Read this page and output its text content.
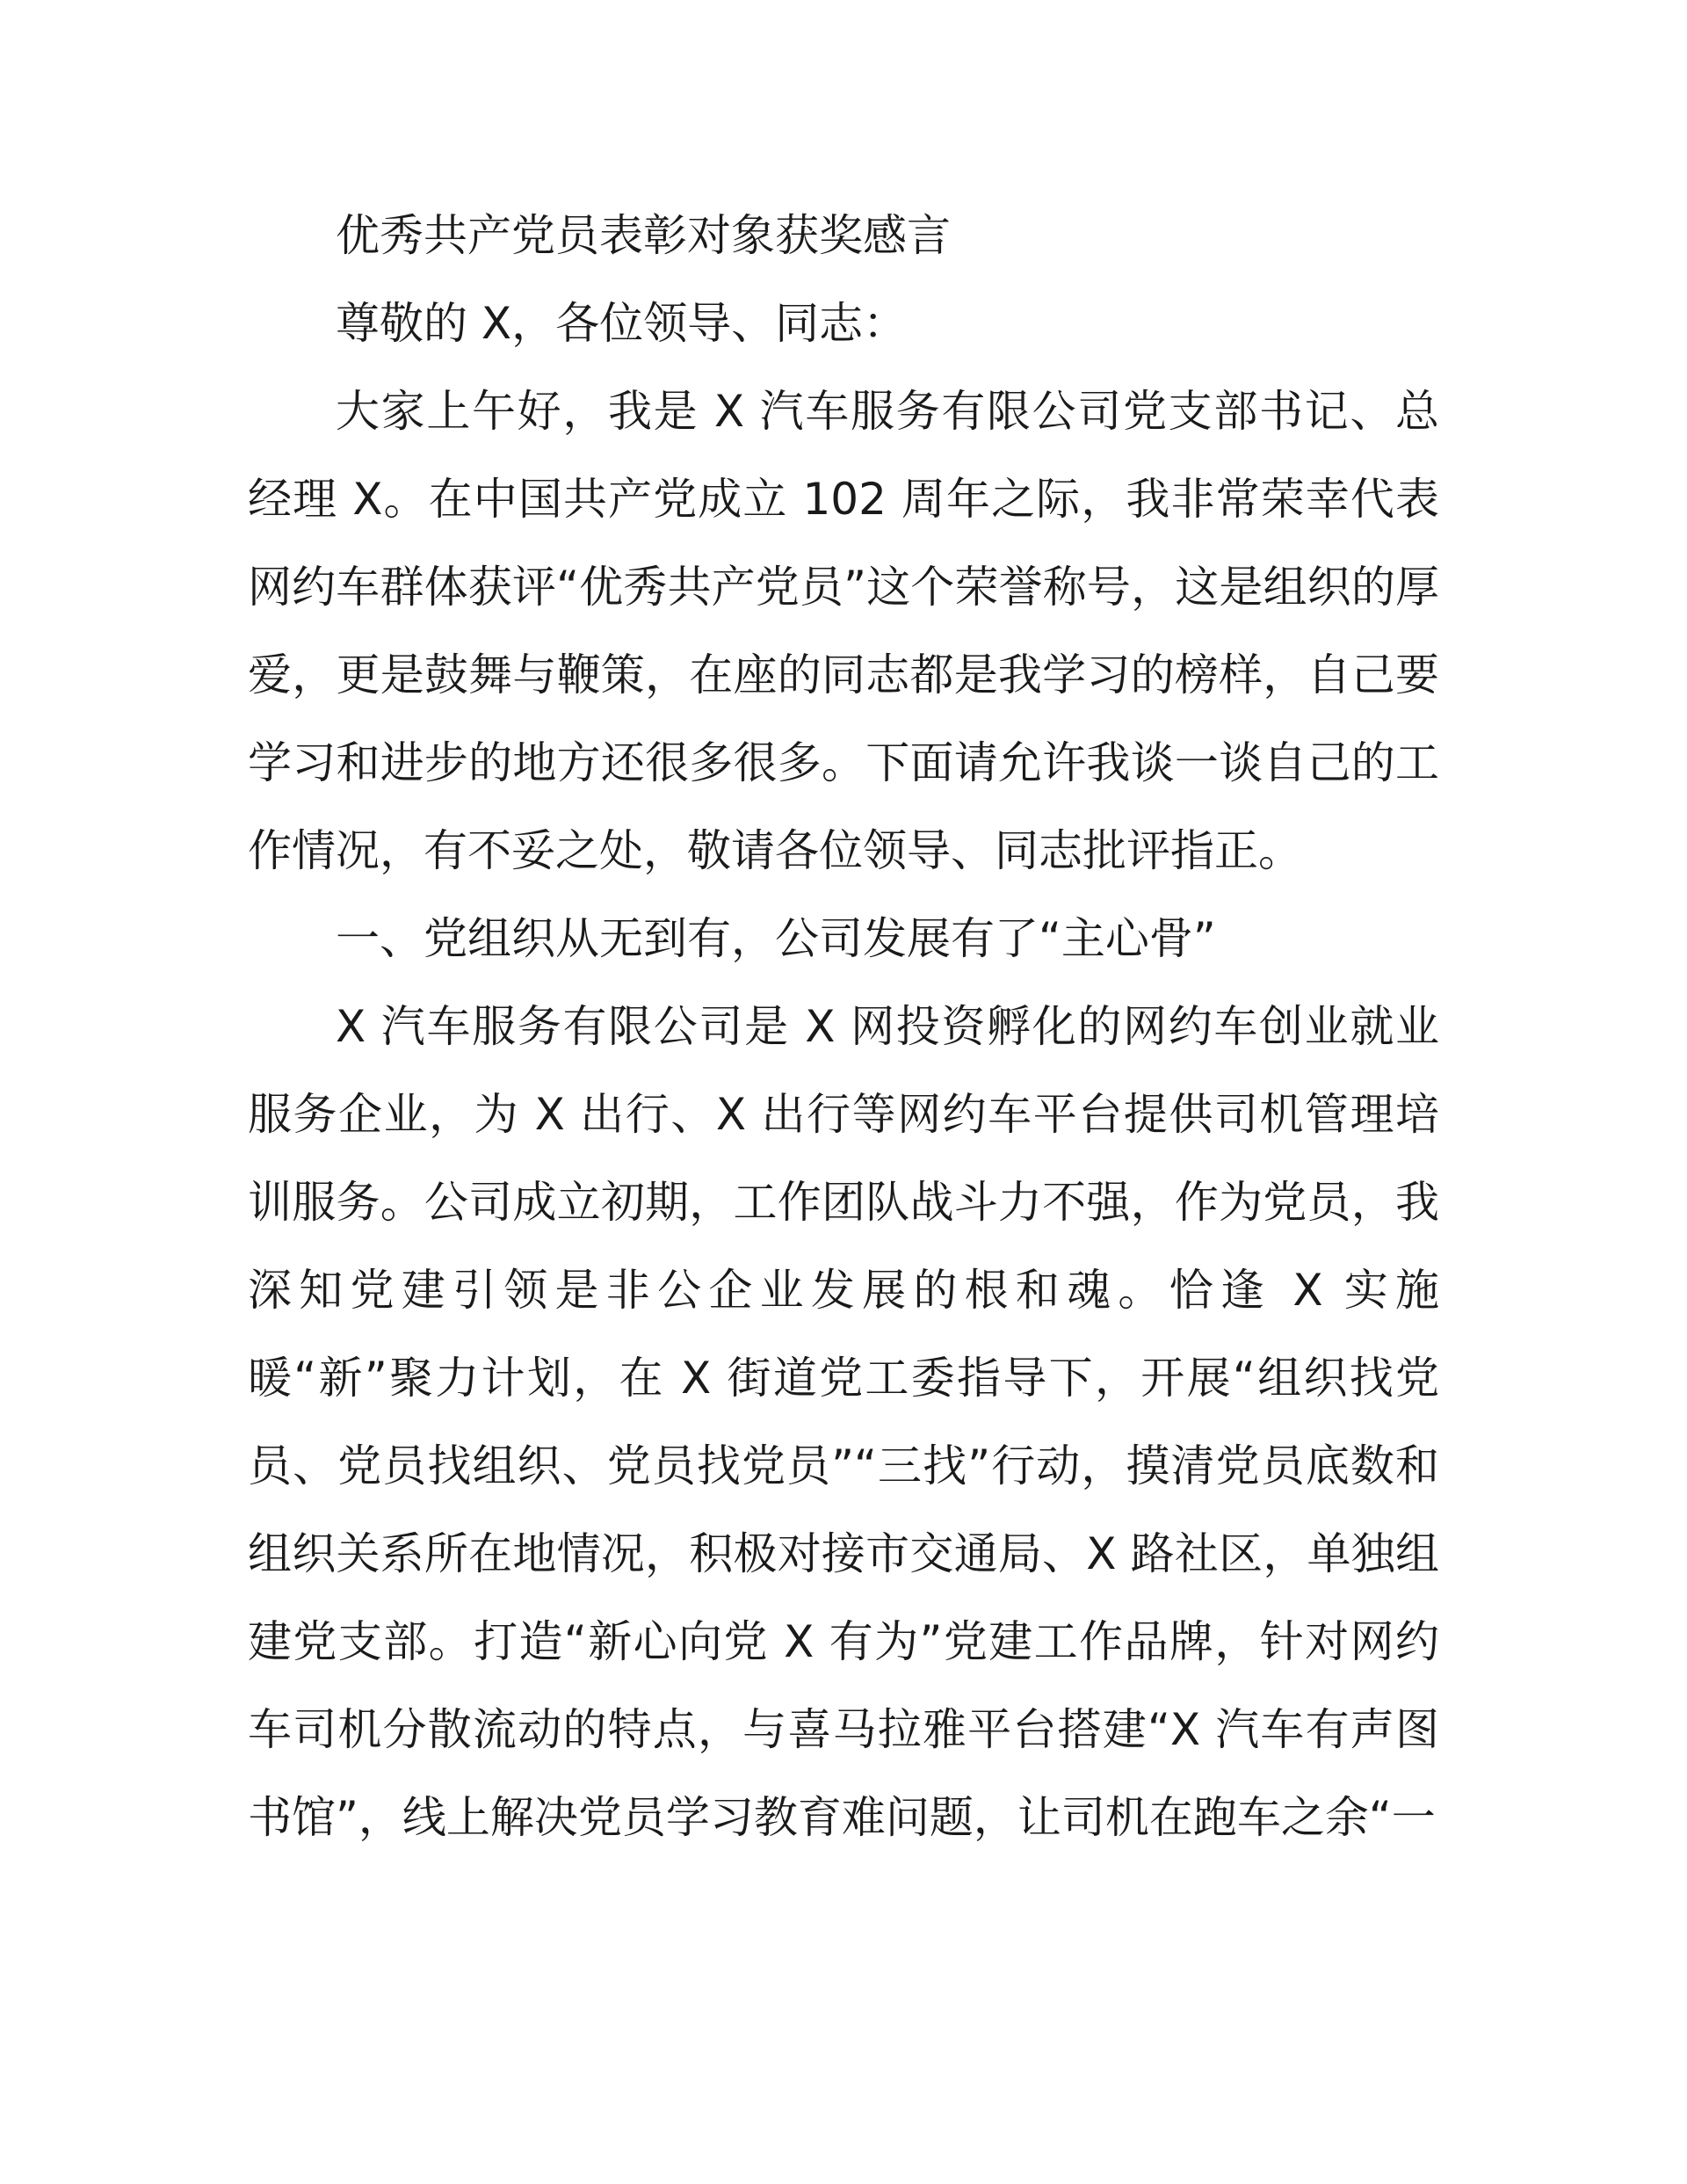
优秀共产党员表彰对象获奖感言

尊敬的 X，各位领导、同志：

大家上午好，我是 X 汽车服务有限公司党支部书记、总经理 X。在中国共产党成立 102 周年之际，我非常荣幸代表网约车群体获评“优秀共产党员”这个荣誉称号，这是组织的厚爱，更是鼓舞与鞭策，在座的同志都是我学习的榜样，自己要学习和进步的地方还很多很多。下面请允许我谈一谈自己的工作情况，有不妥之处，敬请各位领导、同志批评指正。

一、党组织从无到有，公司发展有了“主心骨”

X 汽车服务有限公司是 X 网投资孵化的网约车创业就业服务企业，为 X 出行、X 出行等网约车平台提供司机管理培训服务。公司成立初期，工作团队战斗力不强，作为党员，我深知党建引领是非公企业发展的根和魂。恰逢 X 实施暖“新”聚力计划，在 X 街道党工委指导下，开展“组织找党员、党员找组织、党员找党员”“三找”行动，摸清党员底数和组织关系所在地情况，积极对接市交通局、X 路社区，单独组建党支部。打造“新心向党 X 有为”党建工作品牌，针对网约车司机分散流动的特点，与喜马拉雅平台搭建“X 汽车有声图书馆”，线上解决党员学习教育难问题，让司机在跑车之余“一
